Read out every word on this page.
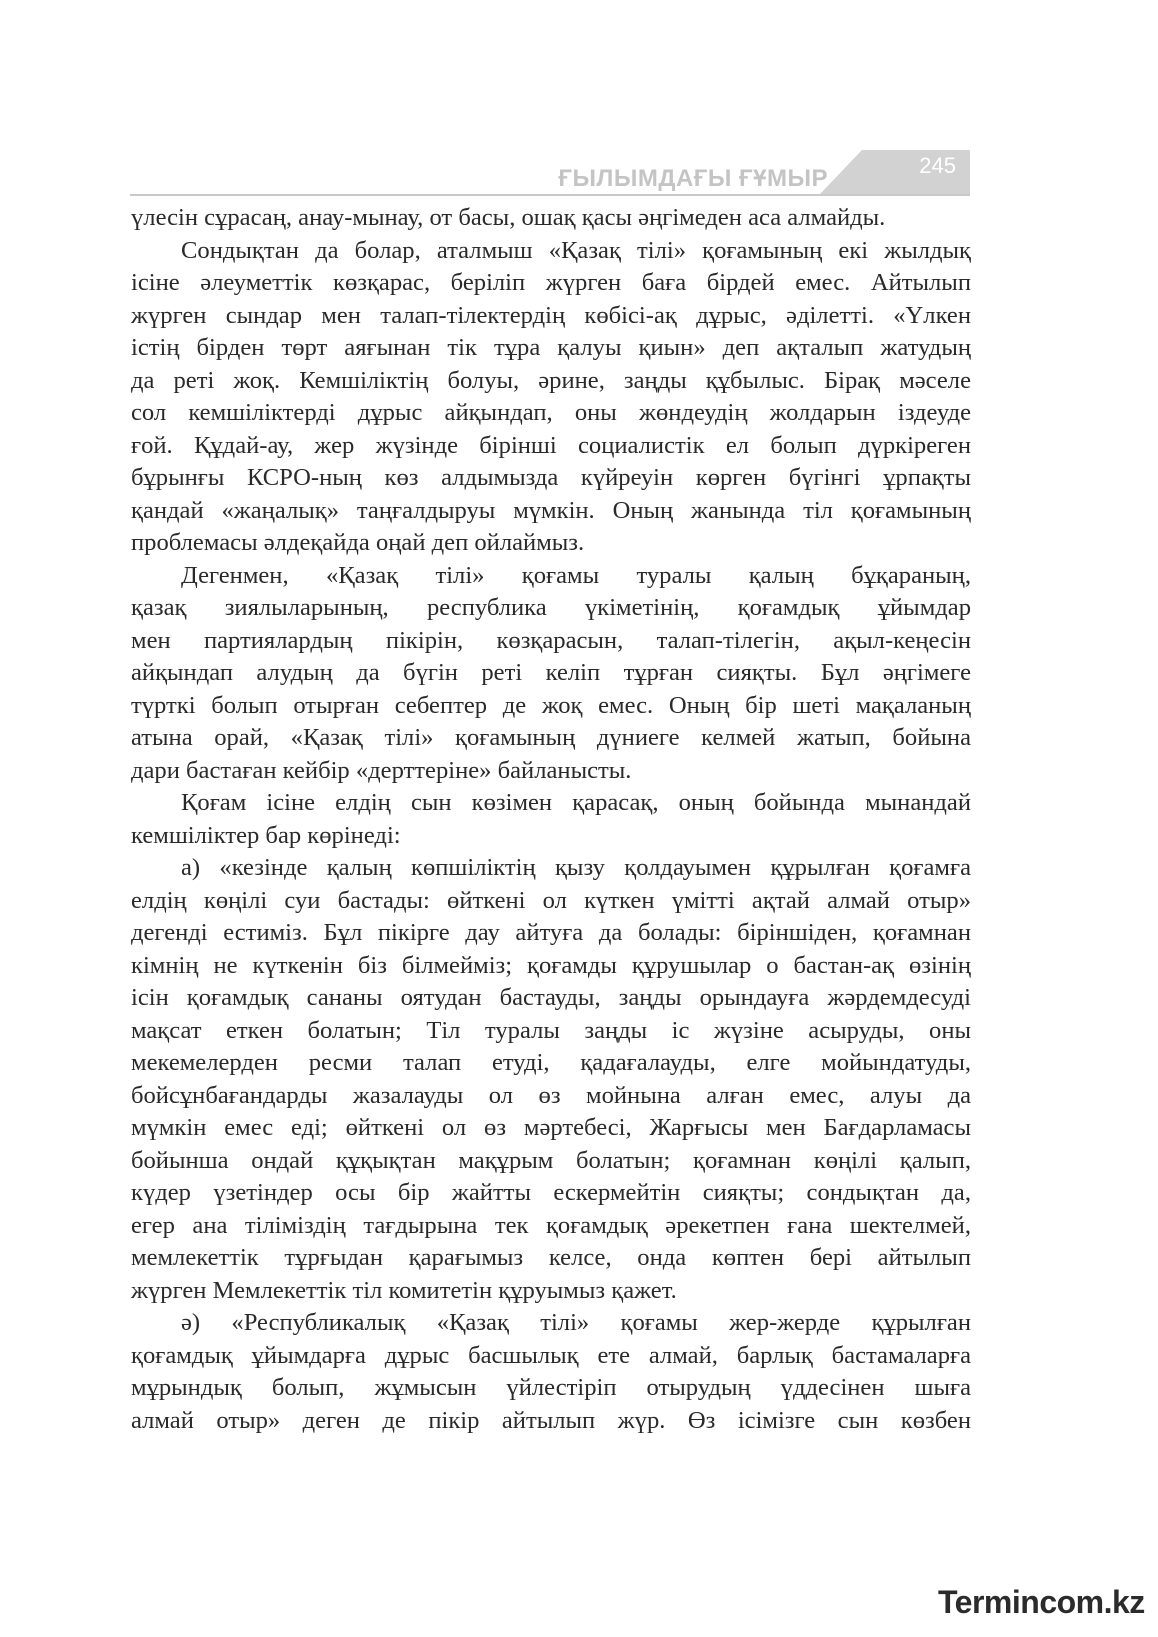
ҒЫЛЫМДАҒЫ ҒҰМЫР	245

үлесін сұрасаң, анау-мынау, от басы, ошақ қасы әңгімеден аса алмайды.

Сондықтан да болар, аталмыш «Қазақ тілі» қоғамының екі жылдық

ісіне әлеуметтік көзқарас, беріліп жүрген баға бірдей емес. Айтылып

жүрген сындар мен талап-тілектердің көбісі-ақ дұрыс, әділетті. «Үлкен

істің бірден төрт аяғынан тік тұра қалуы қиын» деп ақталып жатудың

да реті жоқ. Кемшіліктің болуы, әрине, заңды құбылыс. Бірақ мәселе

сол кемшіліктерді дұрыс айқындап, оны жөндеудің жолдарын іздеуде

ғой. Құдай-ау, жер жүзінде бірінші социалистік ел болып дүркіреген

бұрынғы КСРО-ның көз алдымызда күйреуін көрген бүгінгі ұрпақты

қандай «жаңалық» таңғалдыруы мүмкін. Оның жанында тіл қоғамының

проблемасы әлдеқайда оңай деп ойлаймыз.

Дегенмен, «Қазақ тілі» қоғамы туралы қалың бұқараның,

қазақ зиялыларының, республика үкіметінің, қоғамдық ұйымдар

мен партиялардың пікірін, көзқарасын, талап-тілегін, ақыл-кеңесін

айқындап алудың да бүгін реті келіп тұрған сияқты. Бұл әңгімеге

түрткі болып отырған себептер де жоқ емес. Оның бір шеті мақаланың

атына орай, «Қазақ тілі» қоғамының дүниеге келмей жатып, бойына

дари бастаған кейбір «дерттеріне» байланысты.

Қоғам ісіне елдің сын көзімен қарасақ, оның бойында мынандай

кемшіліктер бар көрінеді:

а) «кезінде қалың көпшіліктің қызу қолдауымен құрылған қоғамға

елдің көңілі суи бастады: өйткені ол күткен үмітті ақтай алмай отыр»

дегенді естиміз. Бұл пікірге дау айтуға да болады: біріншіден, қоғамнан

кімнің не күткенін біз білмейміз; қоғамды құрушылар о бастан-ақ өзінің

ісін қоғамдық сананы оятудан бастауды, заңды орындауға жәрдемдесуді

мақсат еткен болатын; Тіл туралы заңды іс жүзіне асыруды, оны

мекемелерден ресми талап етуді, қадағалауды, елге мойындатуды,

бойсұнбағандарды жазалауды ол өз мойнына алған емес, алуы да

мүмкін емес еді; өйткені ол өз мәртебесі, Жарғысы мен Бағдарламасы

бойынша ондай құқықтан мақұрым болатын; қоғамнан көңілі қалып,

күдер үзетіндер осы бір жайтты ескермейтін сияқты; сондықтан да,

егер ана тіліміздің тағдырына тек қоғамдық әрекетпен ғана шектелмей,

мемлекеттік тұрғыдан қарағымыз келсе, онда көптен бері айтылып

жүрген Мемлекеттік тіл комитетін құруымыз қажет.

ә) «Республикалық «Қазақ тілі» қоғамы жер-жерде құрылған

қоғамдық ұйымдарға дұрыс басшылық ете алмай, барлық бастамаларға

мұрындық болып, жұмысын үйлестіріп отырудың үддесінен шыға

алмай отыр» деген де пікір айтылып жүр. Өз ісімізге сын көзбен

Termincom.kz
